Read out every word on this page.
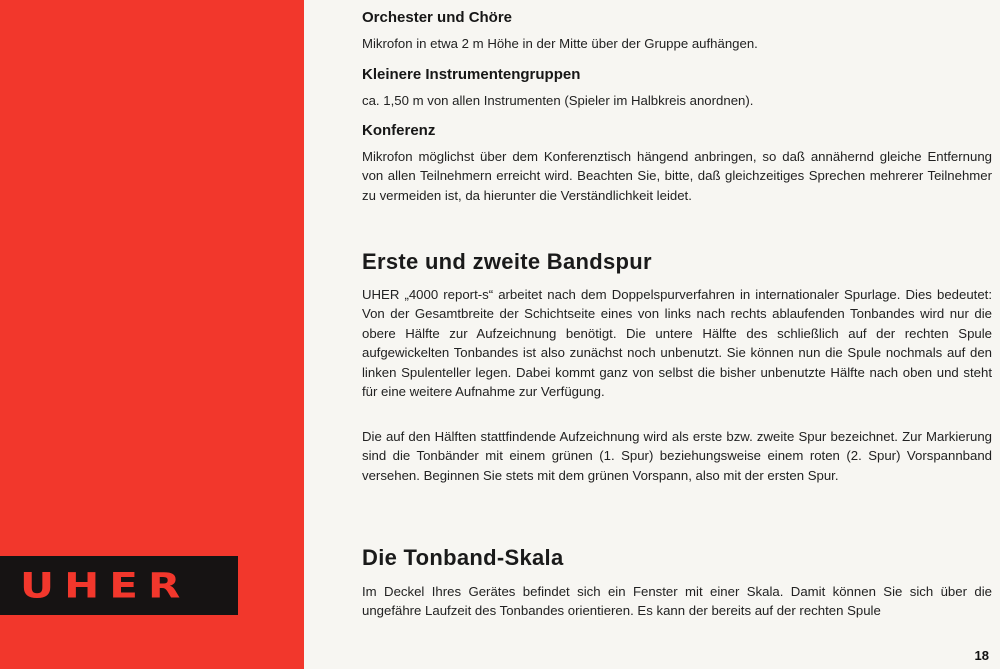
UHER
Orchester und Chöre
Mikrofon in etwa 2 m Höhe in der Mitte über der Gruppe aufhängen.
Kleinere Instrumentengruppen
ca. 1,50 m von allen Instrumenten (Spieler im Halbkreis anordnen).
Konferenz
Mikrofon möglichst über dem Konferenztisch hängend anbringen, so daß annähernd gleiche Entfernung von allen Teilnehmern erreicht wird. Beachten Sie, bitte, daß gleichzeitiges Sprechen mehrerer Teilnehmer zu vermeiden ist, da hierunter die Verständlichkeit leidet.
Erste und zweite Bandspur
UHER „4000 report-s“ arbeitet nach dem Doppelspurverfahren in internationaler Spurlage. Dies bedeutet: Von der Gesamtbreite der Schichtseite eines von links nach rechts ablaufenden Tonbandes wird nur die obere Hälfte zur Aufzeichnung benötigt. Die untere Hälfte des schließlich auf der rechten Spule aufgewickelten Tonbandes ist also zunächst noch unbenutzt. Sie können nun die Spule nochmals auf den linken Spulenteller legen. Dabei kommt ganz von selbst die bisher unbenutzte Hälfte nach oben und steht für eine weitere Aufnahme zur Verfügung.
Die auf den Hälften stattfindende Aufzeichnung wird als erste bzw. zweite Spur bezeichnet. Zur Markierung sind die Tonbänder mit einem grünen (1. Spur) beziehungsweise einem roten (2. Spur) Vorspannband versehen. Beginnen Sie stets mit dem grünen Vorspann, also mit der ersten Spur.
Die Tonband-Skala
Im Deckel Ihres Gerätes befindet sich ein Fenster mit einer Skala. Damit können Sie sich über die ungefähre Laufzeit des Tonbandes orientieren. Es kann der bereits auf der rechten Spule
18
